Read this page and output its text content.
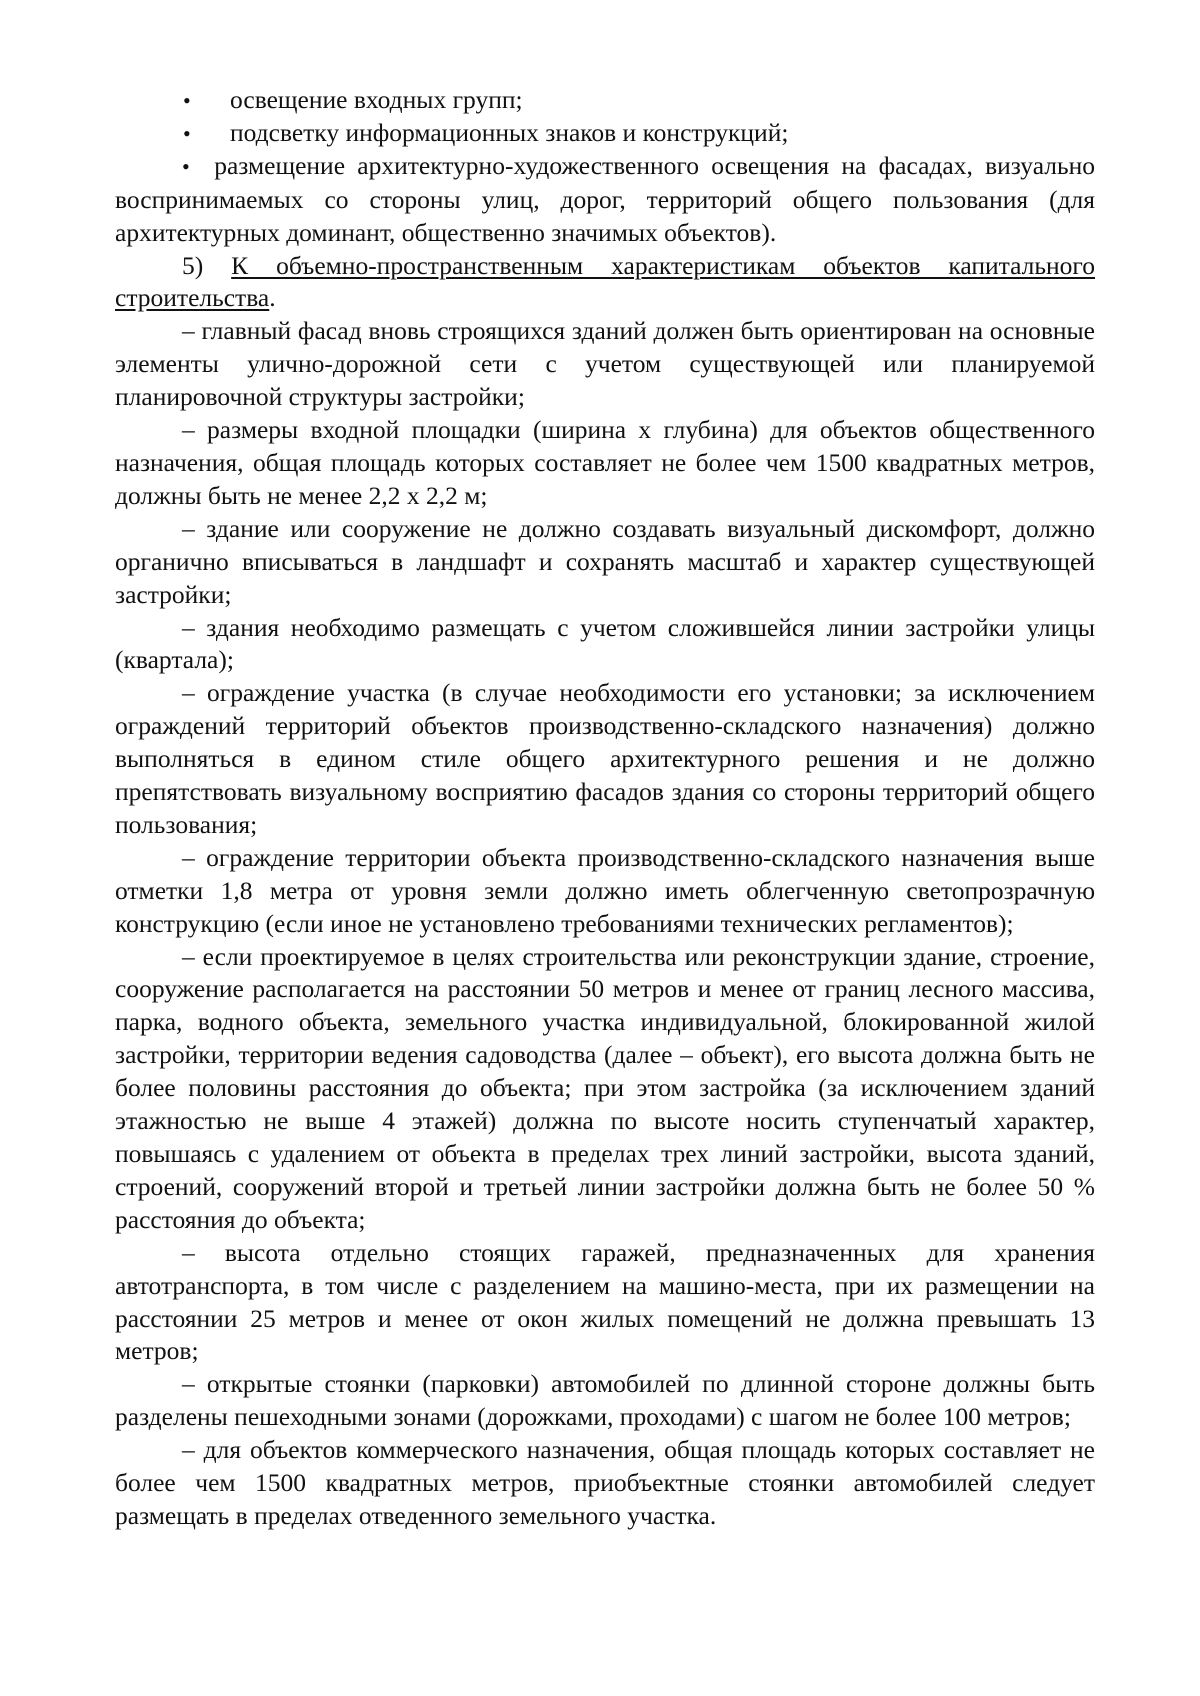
• освещение входных групп;

• подсветку информационных знаков и конструкций;

• размещение архитектурно-художественного освещения на фасадах, визуально воспринимаемых со стороны улиц, дорог, территорий общего пользования (для архитектурных доминант, общественно значимых объектов).

5) К объемно-пространственным характеристикам объектов капитального строительства.

– главный фасад вновь строящихся зданий должен быть ориентирован на основные элементы улично-дорожной сети с учетом существующей или планируемой планировочной структуры застройки;

– размеры входной площадки (ширина х глубина) для объектов общественного назначения, общая площадь которых составляет не более чем 1500 квадратных метров, должны быть не менее 2,2 х 2,2 м;

– здание или сооружение не должно создавать визуальный дискомфорт, должно органично вписываться в ландшафт и сохранять масштаб и характер существующей застройки;

– здания необходимо размещать с учетом сложившейся линии застройки улицы (квартала);

– ограждение участка (в случае необходимости его установки; за исключением ограждений территорий объектов производственно-складского назначения) должно выполняться в едином стиле общего архитектурного решения и не должно препятствовать визуальному восприятию фасадов здания со стороны территорий общего пользования;

– ограждение территории объекта производственно-складского назначения выше отметки 1,8 метра от уровня земли должно иметь облегченную светопрозрачную конструкцию (если иное не установлено требованиями технических регламентов);

– если проектируемое в целях строительства или реконструкции здание, строение, сооружение располагается на расстоянии 50 метров и менее от границ лесного массива, парка, водного объекта, земельного участка индивидуальной, блокированной жилой застройки, территории ведения садоводства (далее – объект), его высота должна быть не более половины расстояния до объекта; при этом застройка (за исключением зданий этажностью не выше 4 этажей) должна по высоте носить ступенчатый характер, повышаясь с удалением от объекта в пределах трех линий застройки, высота зданий, строений, сооружений второй и третьей линии застройки должна быть не более 50 % расстояния до объекта;

– высота отдельно стоящих гаражей, предназначенных для хранения автотранспорта, в том числе с разделением на машино-места, при их размещении на расстоянии 25 метров и менее от окон жилых помещений не должна превышать 13 метров;

– открытые стоянки (парковки) автомобилей по длинной стороне должны быть разделены пешеходными зонами (дорожками, проходами) с шагом не более 100 метров;

– для объектов коммерческого назначения, общая площадь которых составляет не более чем 1500 квадратных метров, приобъектные стоянки автомобилей следует размещать в пределах отведенного земельного участка.
